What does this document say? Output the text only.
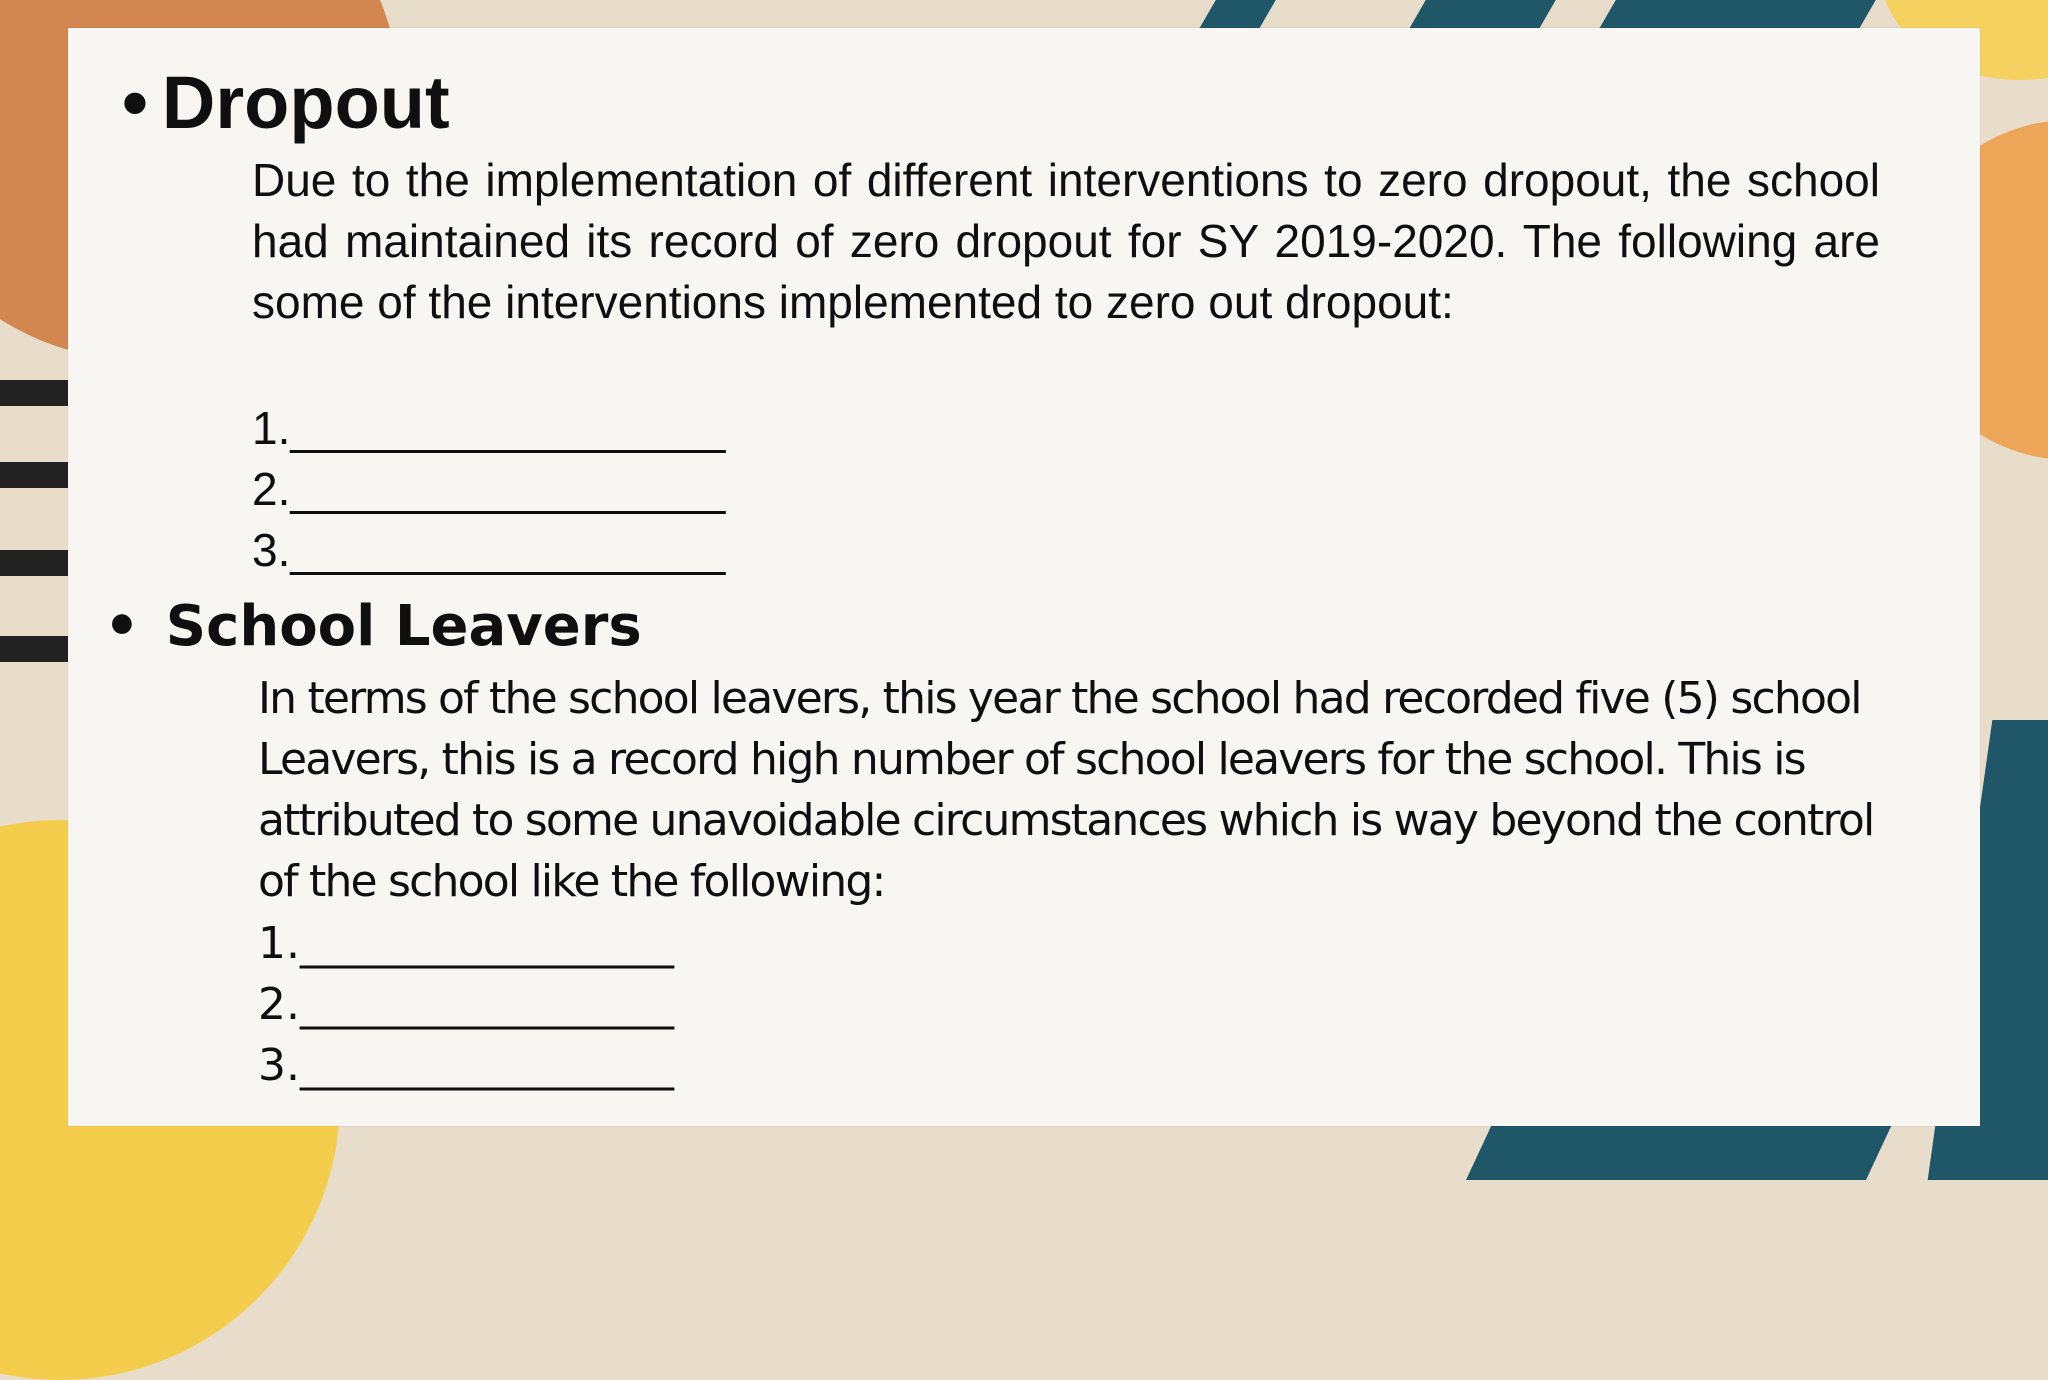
• Dropout
Due to the implementation of different interventions to zero dropout, the school had maintained its record of zero dropout for SY 2019-2020. The following are some of the interventions implemented to zero out dropout:
1._________________
2._________________
3._________________
• School Leavers
In terms of the school leavers, this year the school had recorded five (5) school Leavers, this is a record high number of school leavers for the school. This is attributed to some unavoidable circumstances which is way beyond the control of the school like the following:
1._________________
2._________________
3._________________
